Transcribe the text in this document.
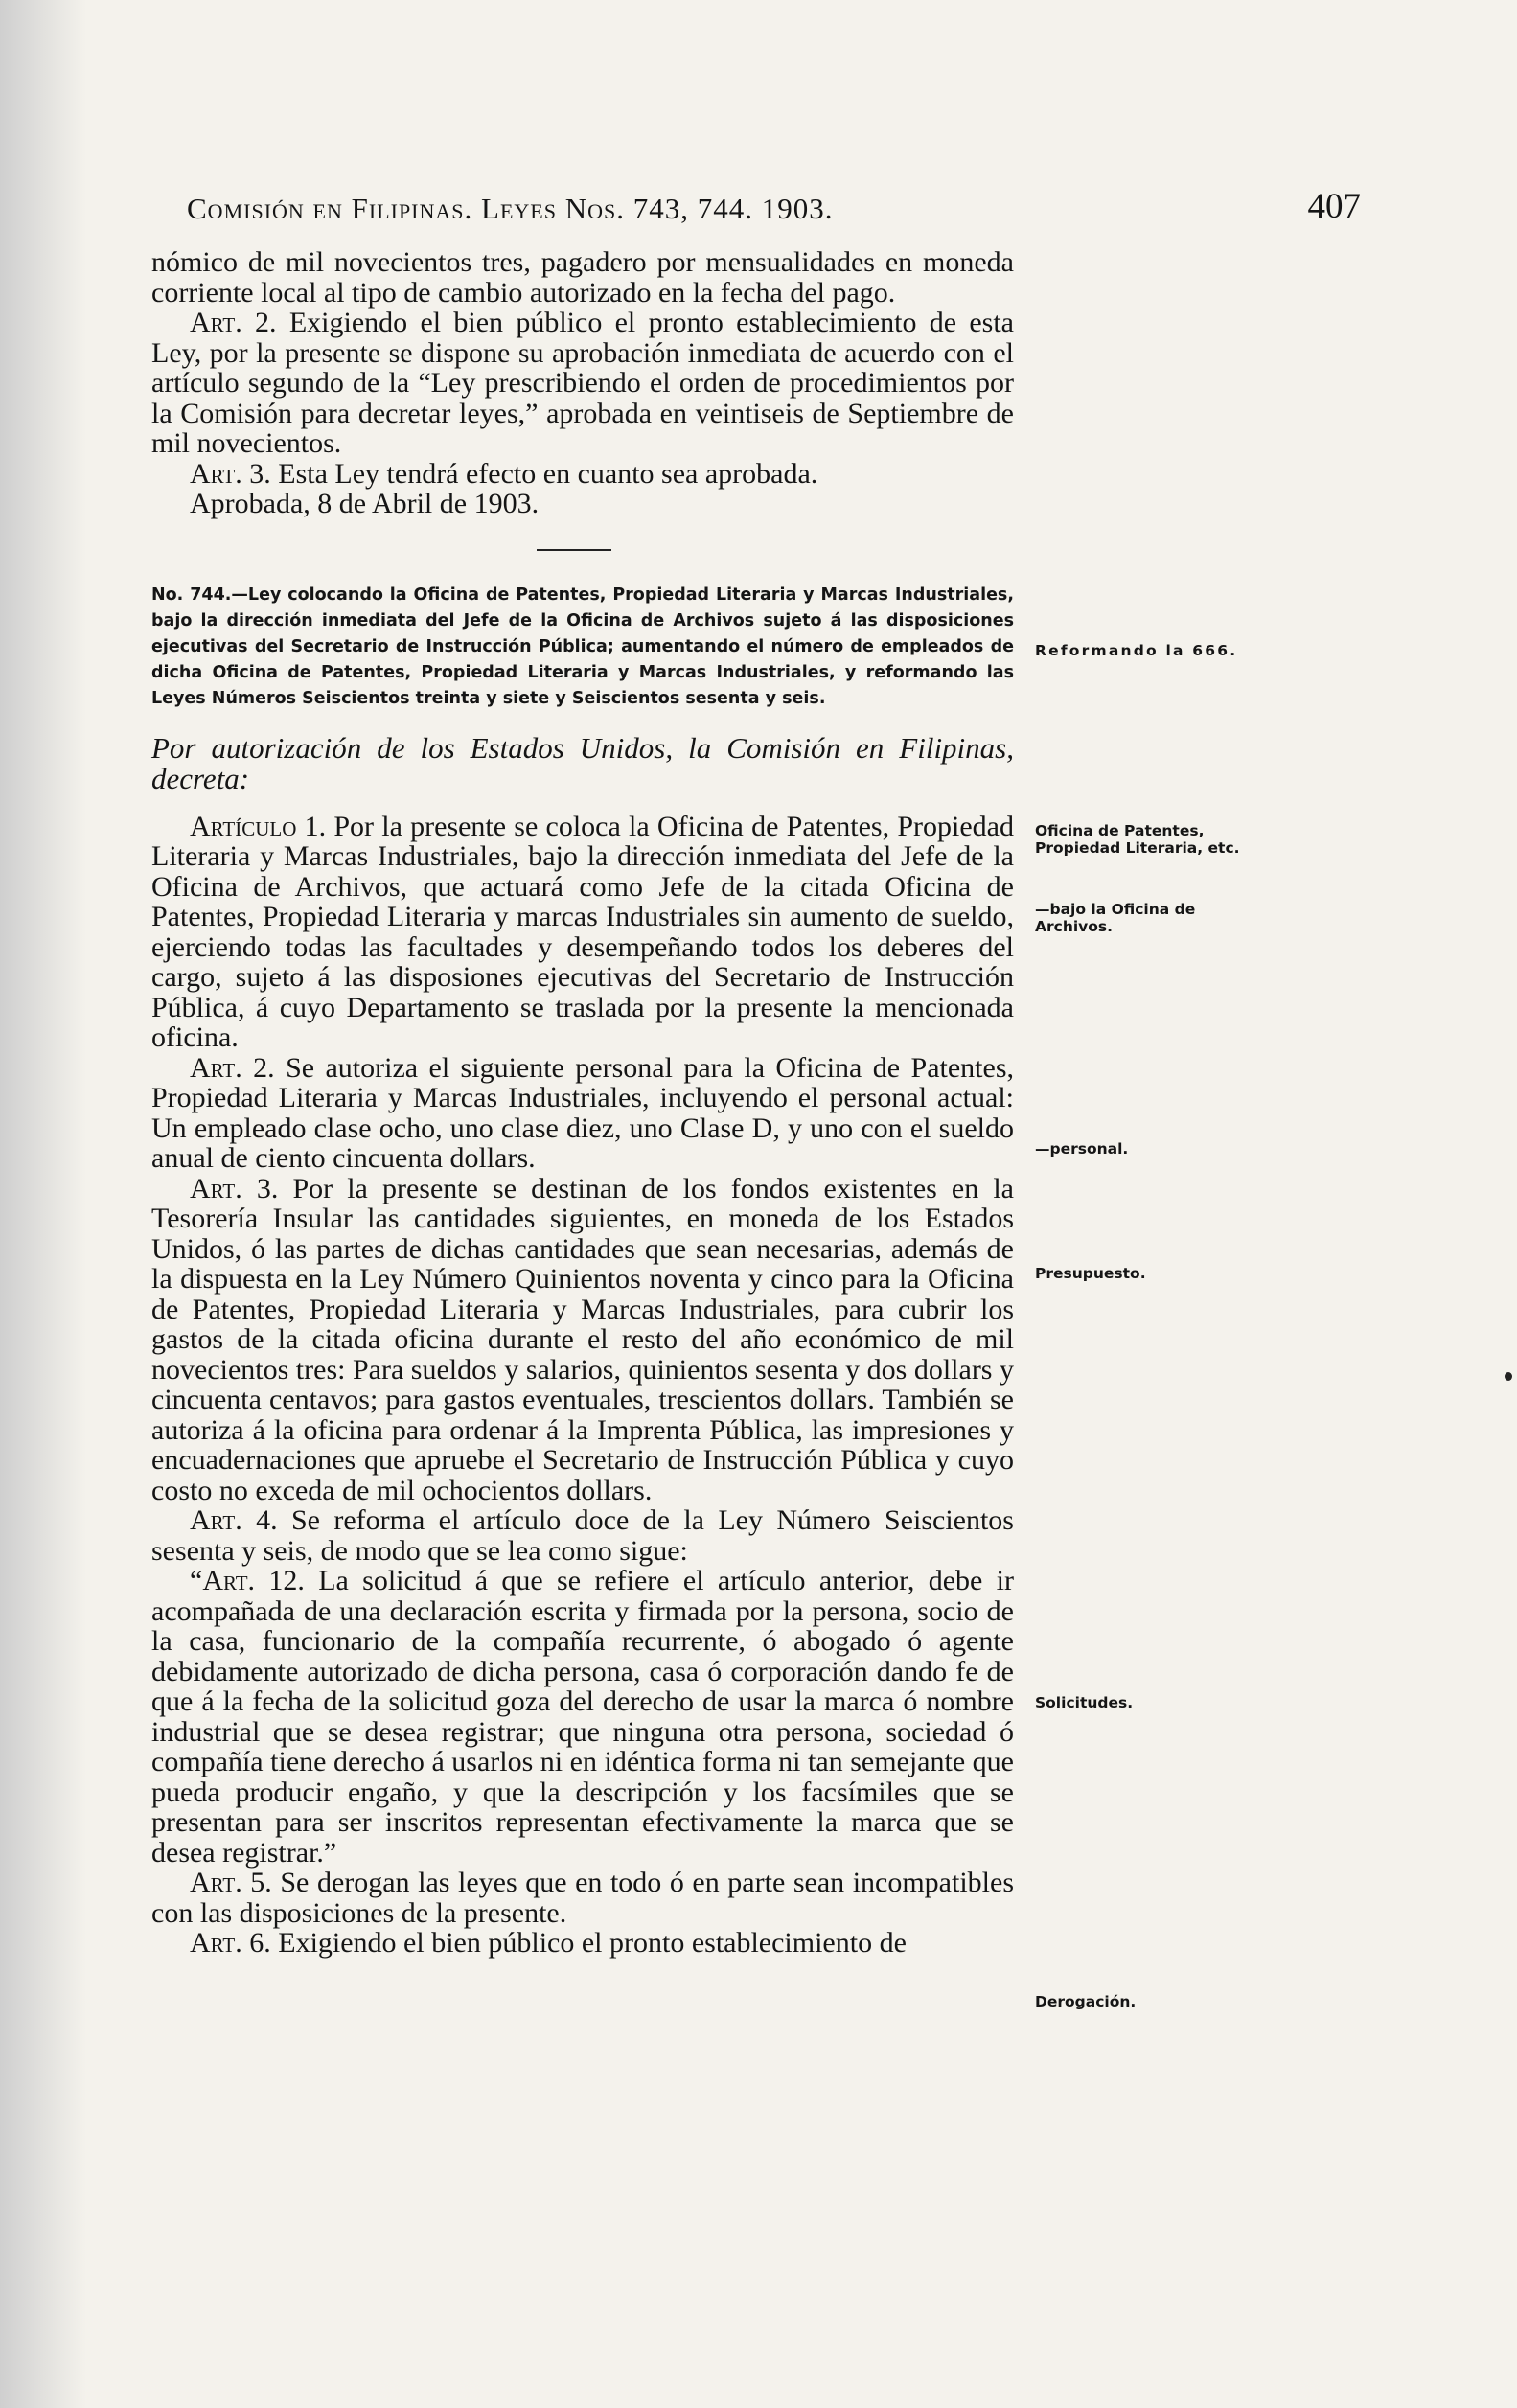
Comisión en Filipinas. Leyes Nos. 743, 744. 1903.	407

nómico de mil novecientos tres, pagadero por mensualidades en moneda corriente local al tipo de cambio autorizado en la fecha del pago.

Art. 2. Exigiendo el bien público el pronto establecimiento de esta Ley, por la presente se dispone su aprobación inmediata de acuerdo con el artículo segundo de la “Ley prescribiendo el orden de procedimientos por la Comisión para decretar leyes,” aprobada en veintiseis de Septiembre de mil novecientos.

Art. 3. Esta Ley tendrá efecto en cuanto sea aprobada.

Aprobada, 8 de Abril de 1903.

No. 744.—Ley colocando la Oficina de Patentes, Propiedad Literaria y Marcas Industriales, bajo la dirección inmediata del Jefe de la Oficina de Archivos sujeto á las disposiciones ejecutivas del Secretario de Instrucción Pública; aumentando el número de empleados de dicha Oficina de Patentes, Propiedad Literaria y Marcas Industriales, y reformando las Leyes Números Seiscientos treinta y siete y Seiscientos sesenta y seis.

Por autorización de los Estados Unidos, la Comisión en Filipinas, decreta:

Artículo 1. Por la presente se coloca la Oficina de Patentes, Propiedad Literaria y Marcas Industriales, bajo la dirección inmediata del Jefe de la Oficina de Archivos, que actuará como Jefe de la citada Oficina de Patentes, Propiedad Literaria y marcas Industriales sin aumento de sueldo, ejerciendo todas las facultades y desempeñando todos los deberes del cargo, sujeto á las disposiones ejecutivas del Secretario de Instrucción Pública, á cuyo Departamento se traslada por la presente la mencionada oficina.

Art. 2. Se autoriza el siguiente personal para la Oficina de Patentes, Propiedad Literaria y Marcas Industriales, incluyendo el personal actual: Un empleado clase ocho, uno clase diez, uno Clase D, y uno con el sueldo anual de ciento cincuenta dollars.

Art. 3. Por la presente se destinan de los fondos existentes en la Tesorería Insular las cantidades siguientes, en moneda de los Estados Unidos, ó las partes de dichas cantidades que sean necesarias, además de la dispuesta en la Ley Número Quinientos noventa y cinco para la Oficina de Patentes, Propiedad Literaria y Marcas Industriales, para cubrir los gastos de la citada oficina durante el resto del año económico de mil novecientos tres: Para sueldos y salarios, quinientos sesenta y dos dollars y cincuenta centavos; para gastos eventuales, trescientos dollars. También se autoriza á la oficina para ordenar á la Imprenta Pública, las impresiones y encuadernaciones que apruebe el Secretario de Instrucción Pública y cuyo costo no exceda de mil ochocientos dollars.

Art. 4. Se reforma el artículo doce de la Ley Número Seiscientos sesenta y seis, de modo que se lea como sigue:

“Art. 12. La solicitud á que se refiere el artículo anterior, debe ir acompañada de una declaración escrita y firmada por la persona, socio de la casa, funcionario de la compañía recurrente, ó abogado ó agente debidamente autorizado de dicha persona, casa ó corporación dando fe de que á la fecha de la solicitud goza del derecho de usar la marca ó nombre industrial que se desea registrar; que ninguna otra persona, sociedad ó compañía tiene derecho á usarlos ni en idéntica forma ni tan semejante que pueda producir engaño, y que la descripción y los facsímiles que se presentan para ser inscritos representan efectivamente la marca que se desea registrar.”

Art. 5. Se derogan las leyes que en todo ó en parte sean incompatibles con las disposiciones de la presente.

Art. 6. Exigiendo el bien público el pronto establecimiento de

Reformando la 666.

Oficina de Patentes, Propiedad Literaria, etc.

—bajo la Oficina de Archivos.

—personal.

Presupuesto.

Solicitudes.

Derogación.
